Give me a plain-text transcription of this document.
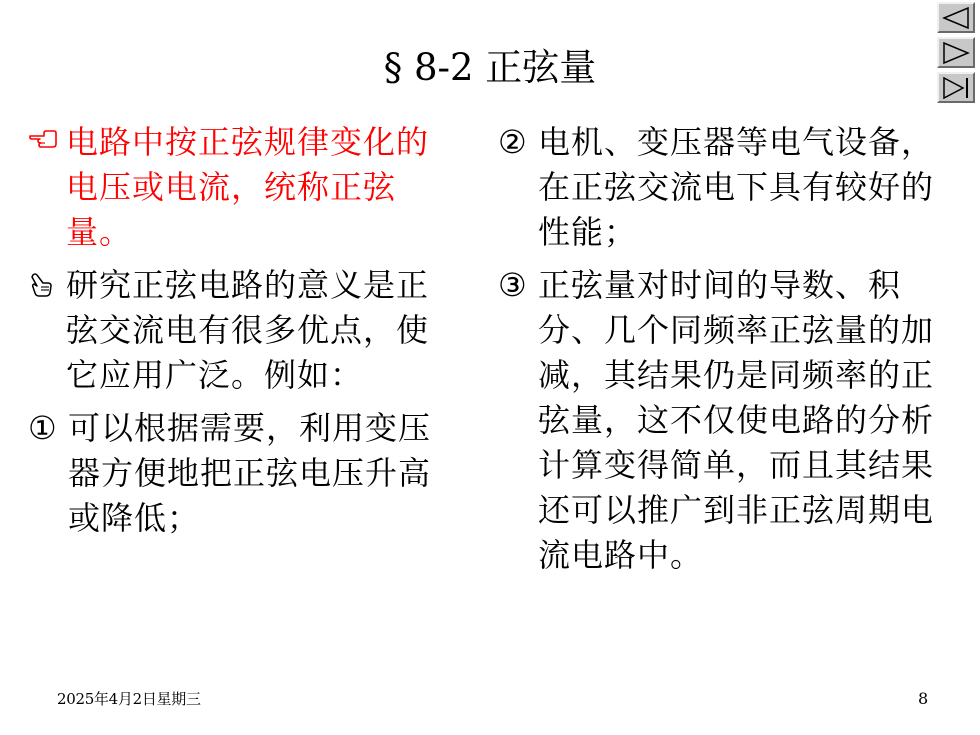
§ 8-2 正弦量
电路中按正弦规律变化的电压或电流，统称正弦量。
研究正弦电路的意义是正弦交流电有很多优点，使它应用广泛。例如：
① 可以根据需要，利用变压器方便地把正弦电压升高或降低；
② 电机、变压器等电气设备，在正弦交流电下具有较好的性能；
③ 正弦量对时间的导数、积分、几个同频率正弦量的加减，其结果仍是同频率的正弦量，这不仅使电路的分析计算变得简单，而且其结果还可以推广到非正弦周期电流电路中。
2025年4月2日星期三	8
